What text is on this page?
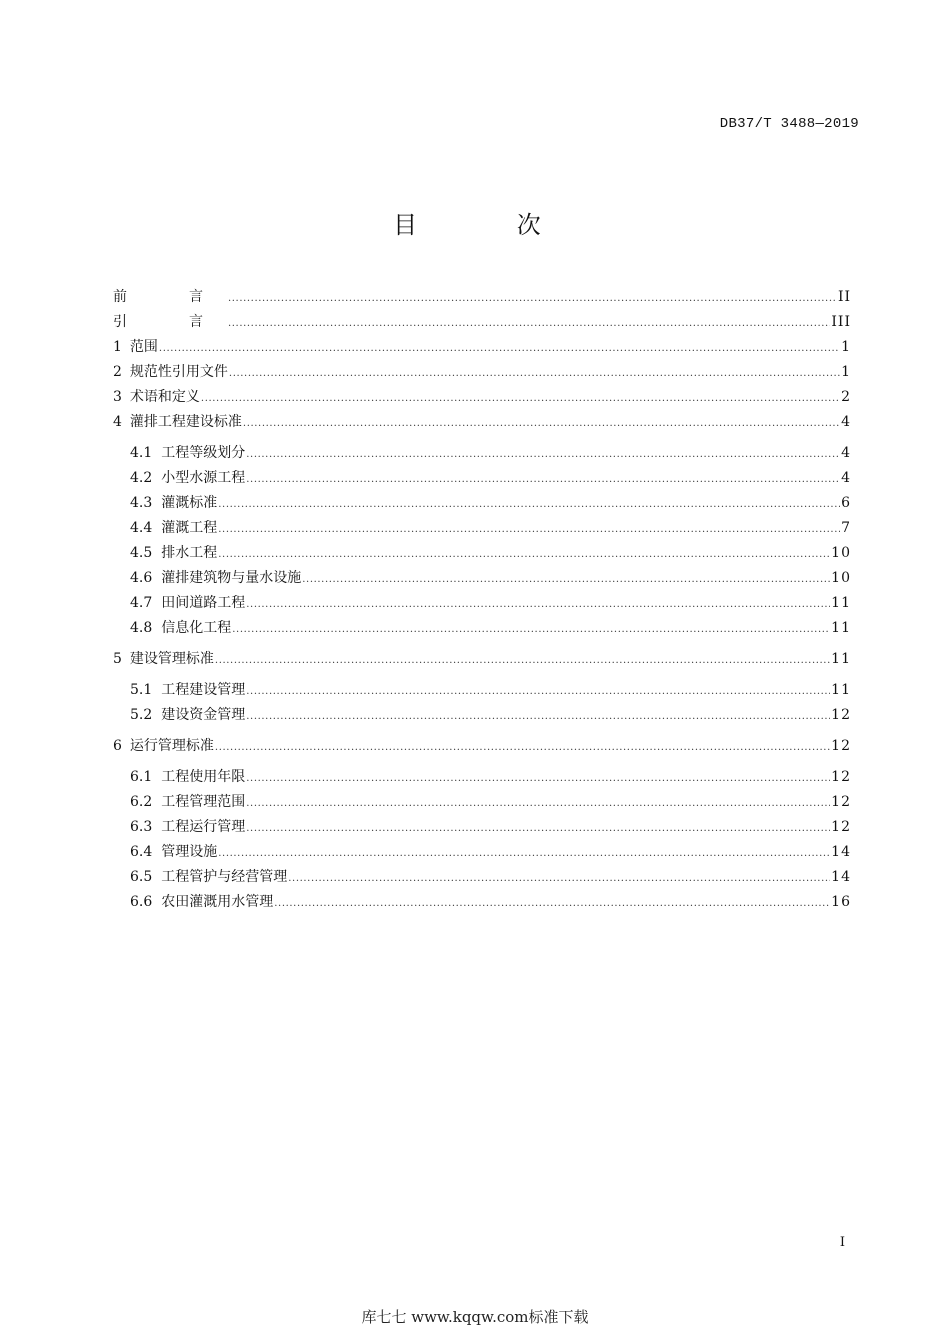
DB37/T 3488—2019
目 次
前　言 .....	II
引　言 .....	III
1 范围 .....	1
2 规范性引用文件 .....	1
3 术语和定义 .....	2
4 灌排工程建设标准 .....	4
4.1 工程等级划分 .....	4
4.2 小型水源工程 .....	4
4.3 灌溉标准 .....	6
4.4 灌溉工程 .....	7
4.5 排水工程 .....	10
4.6 灌排建筑物与量水设施 .....	10
4.7 田间道路工程 .....	11
4.8 信息化工程 .....	11
5 建设管理标准 .....	11
5.1 工程建设管理 .....	11
5.2 建设资金管理 .....	12
6 运行管理标准 .....	12
6.1 工程使用年限 .....	12
6.2 工程管理范围 .....	12
6.3 工程运行管理 .....	12
6.4 管理设施 .....	14
6.5 工程管护与经营管理 .....	14
6.6 农田灌溉用水管理 .....	16
I
库七七 www.kqqw.com标准下载
